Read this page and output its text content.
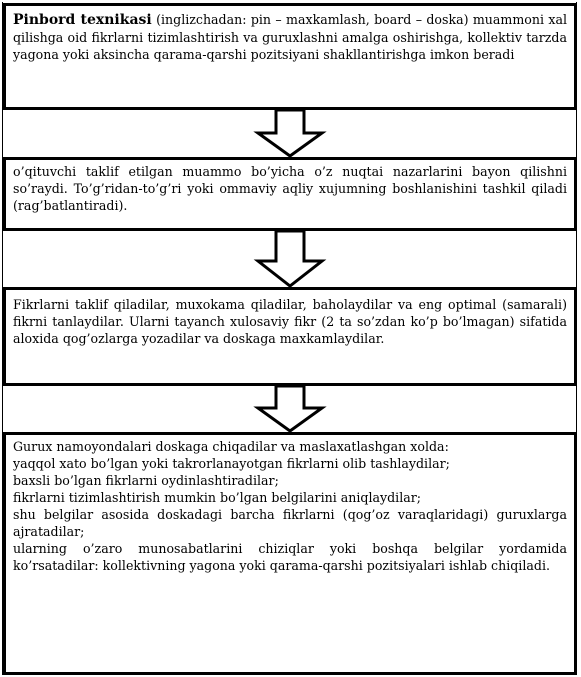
Pinbord texnikasi (inglizchadan: pin – maxkamlash, board – doska) muammoni xal qilishga oid fikrlarni tizimlashtirish va guruxlashni amalga oshirishga, kollektiv tarzda yagona yoki aksincha qarama-qarshi pozitsiyani shakllantirishga imkon beradi

o’qituvchi taklif etilgan muammo bo’yicha o’z nuqtai nazarlarini bayon qilishni so’raydi. To’g’ridan-to’g’ri yoki ommaviy aqliy xujumning boshlanishini tashkil qiladi (rag’batlantiradi).

Fikrlarni taklif qiladilar, muxokama qiladilar, baholaydilar va eng optimal (samarali) fikrni tanlaydilar. Ularni tayanch xulosaviy fikr (2 ta so’zdan ko’p bo’lmagan) sifatida aloxida qog’ozlarga yozadilar va doskaga maxkamlaydilar.

Gurux namoyondalari doskaga chiqadilar va maslaxatlashgan xolda:

yaqqol xato bo’lgan yoki takrorlanayotgan fikrlarni olib tashlaydilar;

baxsli bo’lgan fikrlarni oydinlashtiradilar;

fikrlarni tizimlashtirish mumkin bo’lgan belgilarini aniqlaydilar;

shu belgilar asosida doskadagi barcha fikrlarni (qog’oz varaqlaridagi) guruxlarga ajratadilar;

ularning o’zaro munosabatlarini chiziqlar yoki boshqa belgilar yordamida ko’rsatadilar: kollektivning yagona yoki qarama-qarshi pozitsiyalari ishlab chiqiladi.
